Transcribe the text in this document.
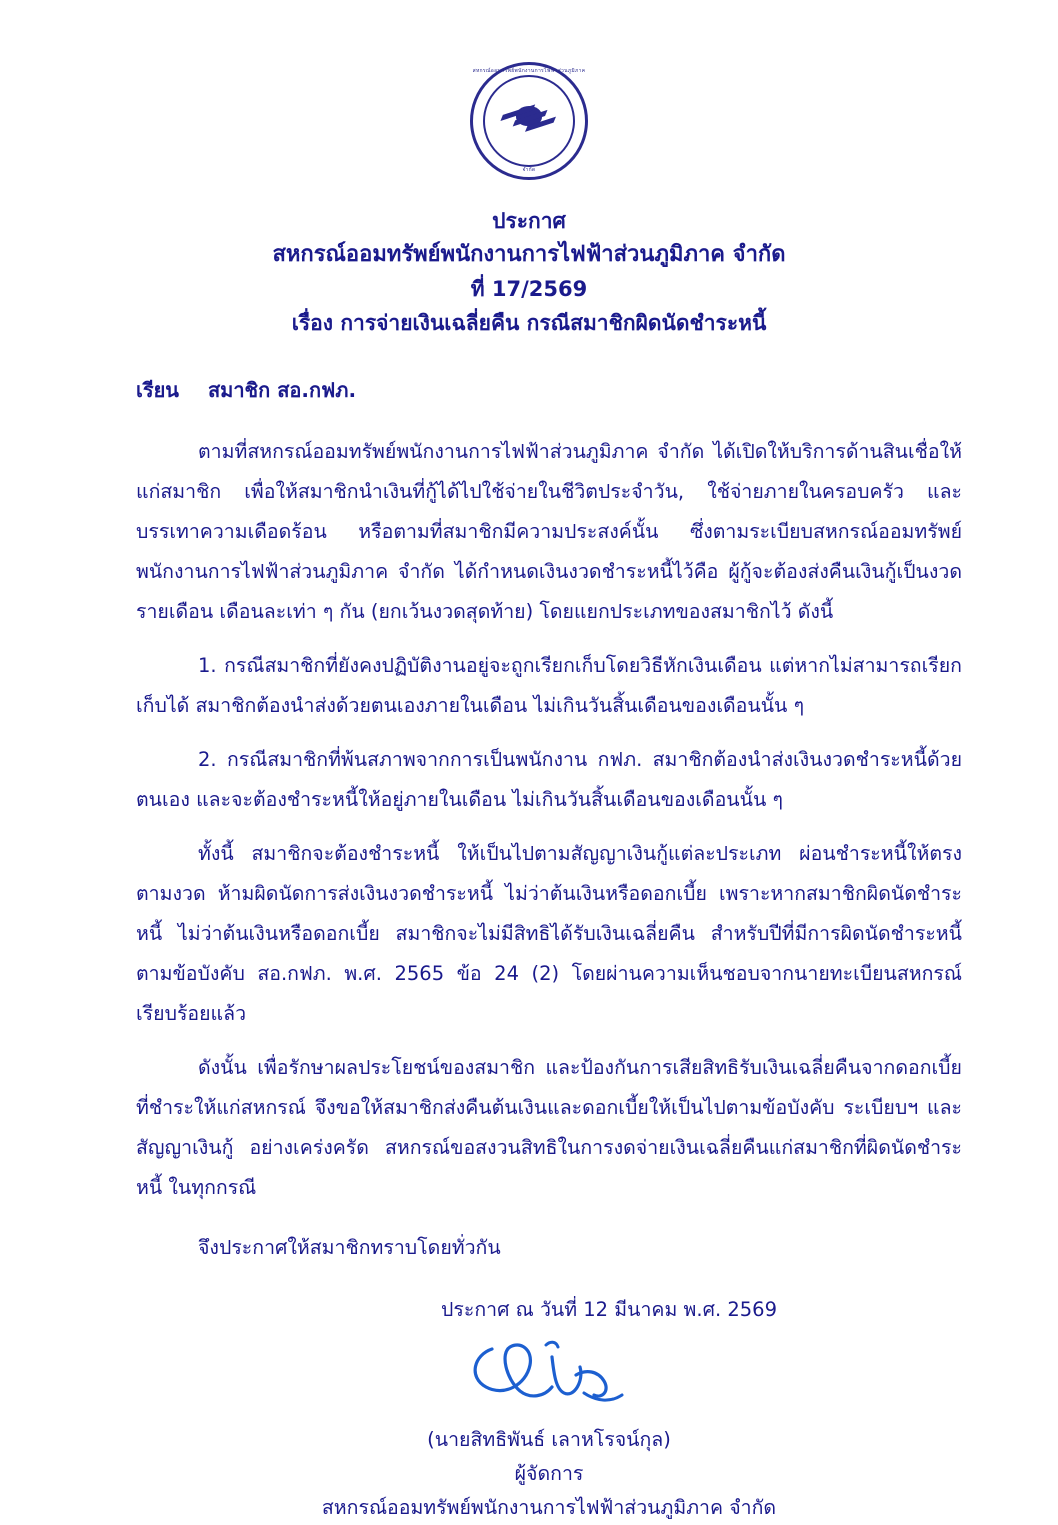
สหกรณ์ออมทรัพย์พนักงานการไฟฟ้าส่วนภูมิภาค
จำกัด
ประกาศ
สหกรณ์ออมทรัพย์พนักงานการไฟฟ้าส่วนภูมิภาค จำกัด
ที่ 17/2569
เรื่อง การจ่ายเงินเฉลี่ยคืน กรณีสมาชิกผิดนัดชำระหนี้
เรียน สมาชิก สอ.กฟภ.

ตามที่สหกรณ์ออมทรัพย์พนักงานการไฟฟ้าส่วนภูมิภาค จำกัด ได้เปิดให้บริการด้านสินเชื่อให้แก่สมาชิก เพื่อให้สมาชิกนำเงินที่กู้ได้ไปใช้จ่ายในชีวิตประจำวัน, ใช้จ่ายภายในครอบครัว และบรรเทาความเดือดร้อน หรือตามที่สมาชิกมีความประสงค์นั้น ซึ่งตามระเบียบสหกรณ์ออมทรัพย์พนักงานการไฟฟ้าส่วนภูมิภาค จำกัด ได้กำหนดเงินงวดชำระหนี้ไว้คือ ผู้กู้จะต้องส่งคืนเงินกู้เป็นงวดรายเดือน เดือนละเท่า ๆ กัน (ยกเว้นงวดสุดท้าย) โดยแยกประเภทของสมาชิกไว้ ดังนี้

1. กรณีสมาชิกที่ยังคงปฏิบัติงานอยู่จะถูกเรียกเก็บโดยวิธีหักเงินเดือน แต่หากไม่สามารถเรียกเก็บได้ สมาชิกต้องนำส่งด้วยตนเองภายในเดือน ไม่เกินวันสิ้นเดือนของเดือนนั้น ๆ

2. กรณีสมาชิกที่พ้นสภาพจากการเป็นพนักงาน กฟภ. สมาชิกต้องนำส่งเงินงวดชำระหนี้ด้วยตนเอง และจะต้องชำระหนี้ให้อยู่ภายในเดือน ไม่เกินวันสิ้นเดือนของเดือนนั้น ๆ

ทั้งนี้ สมาชิกจะต้องชำระหนี้ ให้เป็นไปตามสัญญาเงินกู้แต่ละประเภท ผ่อนชำระหนี้ให้ตรงตามงวด ห้ามผิดนัดการส่งเงินงวดชำระหนี้ ไม่ว่าต้นเงินหรือดอกเบี้ย เพราะหากสมาชิกผิดนัดชำระหนี้ ไม่ว่าต้นเงินหรือดอกเบี้ย สมาชิกจะไม่มีสิทธิได้รับเงินเฉลี่ยคืน สำหรับปีที่มีการผิดนัดชำระหนี้ ตามข้อบังคับ สอ.กฟภ. พ.ศ. 2565 ข้อ 24 (2) โดยผ่านความเห็นชอบจากนายทะเบียนสหกรณ์เรียบร้อยแล้ว

ดังนั้น เพื่อรักษาผลประโยชน์ของสมาชิก และป้องกันการเสียสิทธิรับเงินเฉลี่ยคืนจากดอกเบี้ยที่ชำระให้แก่สหกรณ์ จึงขอให้สมาชิกส่งคืนต้นเงินและดอกเบี้ยให้เป็นไปตามข้อบังคับ ระเบียบฯ และสัญญาเงินกู้ อย่างเคร่งครัด สหกรณ์ขอสงวนสิทธิในการงดจ่ายเงินเฉลี่ยคืนแก่สมาชิกที่ผิดนัดชำระหนี้ ในทุกกรณี

จึงประกาศให้สมาชิกทราบโดยทั่วกัน

ประกาศ ณ วันที่ 12 มีนาคม พ.ศ. 2569
(นายสิทธิพันธ์ เลาหโรจน์กุล)
ผู้จัดการ
สหกรณ์ออมทรัพย์พนักงานการไฟฟ้าส่วนภูมิภาค จำกัด
